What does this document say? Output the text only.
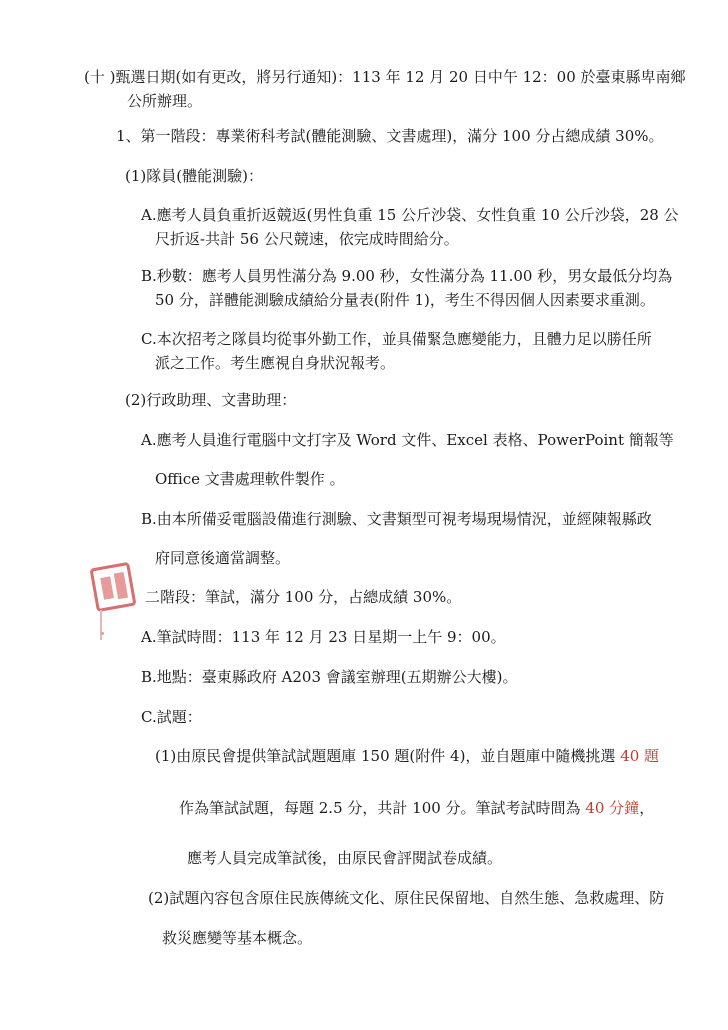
(十 )甄選日期(如有更改，將另行通知)：113 年 12 月 20 日中午 12：00 於臺東縣卑南鄉
公所辦理。
1、第一階段：專業術科考試(體能測驗、文書處理)，滿分 100 分占總成績 30%。
(1)隊員(體能測驗)：
A.應考人員負重折返競返(男性負重 15 公斤沙袋、女性負重 10 公斤沙袋，28 公
尺折返-共計 56 公尺競速，依完成時間給分。
B.秒數：應考人員男性滿分為 9.00 秒，女性滿分為 11.00 秒，男女最低分均為
50 分，詳體能測驗成績給分量表(附件 1)，考生不得因個人因素要求重測。
C.本次招考之隊員均從事外勤工作，並具備緊急應變能力，且體力足以勝任所
派之工作。考生應視自身狀況報考。
(2)行政助理、文書助理：
A.應考人員進行電腦中文打字及 Word 文件、Excel 表格、PowerPoint 簡報等
Office 文書處理軟件製作 。
B.由本所備妥電腦設備進行測驗、文書類型可視考場現場情況，並經陳報縣政
府同意後適當調整。
二階段：筆試，滿分 100 分，占總成績 30%。
A.筆試時間：113 年 12 月 23 日星期一上午 9：00。
B.地點：臺東縣政府 A203 會議室辦理(五期辦公大樓)。
C.試題：
(1)由原民會提供筆試試題題庫 150 題(附件 4)，並自題庫中隨機挑選 40 題
作為筆試試題，每題 2.5 分，共計 100 分。筆試考試時間為 40 分鐘，
應考人員完成筆試後，由原民會評閱試卷成績。
(2)試題內容包含原住民族傳統文化、原住民保留地、自然生態、急救處理、防
救災應變等基本概念。
